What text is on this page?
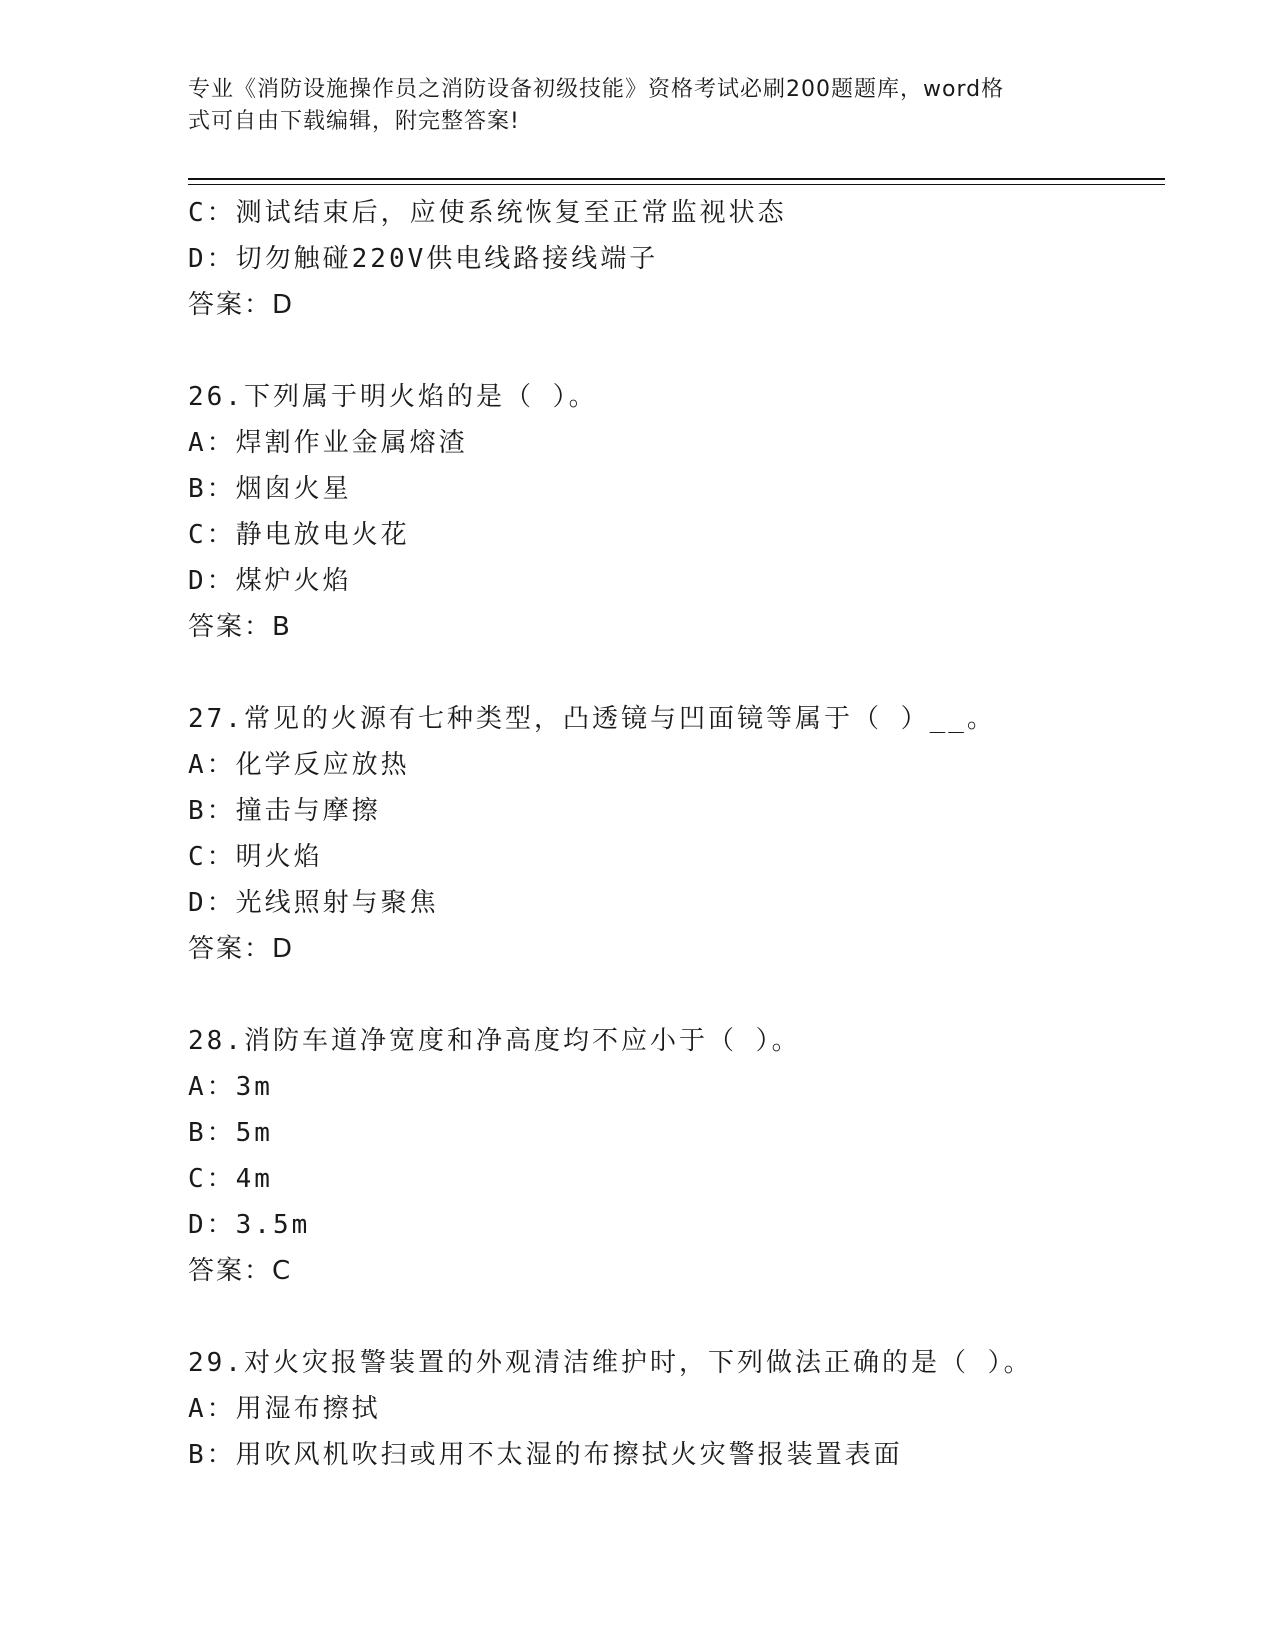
专业《消防设施操作员之消防设备初级技能》资格考试必刷200题题库，word格
式可自由下载编辑，附完整答案!
C：测试结束后，应使系统恢复至正常监视状态
D：切勿触碰220V供电线路接线端子
答案：D
26.下列属于明火焰的是（ ）。
A：焊割作业金属熔渣
B：烟囱火星
C：静电放电火花
D：煤炉火焰
答案：B
27.常见的火源有七种类型，凸透镜与凹面镜等属于（ ）__。
A：化学反应放热
B：撞击与摩擦
C：明火焰
D：光线照射与聚焦
答案：D
28.消防车道净宽度和净高度均不应小于（ ）。
A：3m
B：5m
C：4m
D：3.5m
答案：C
29.对火灾报警装置的外观清洁维护时，下列做法正确的是（ ）。
A：用湿布擦拭
B：用吹风机吹扫或用不太湿的布擦拭火灾警报装置表面
